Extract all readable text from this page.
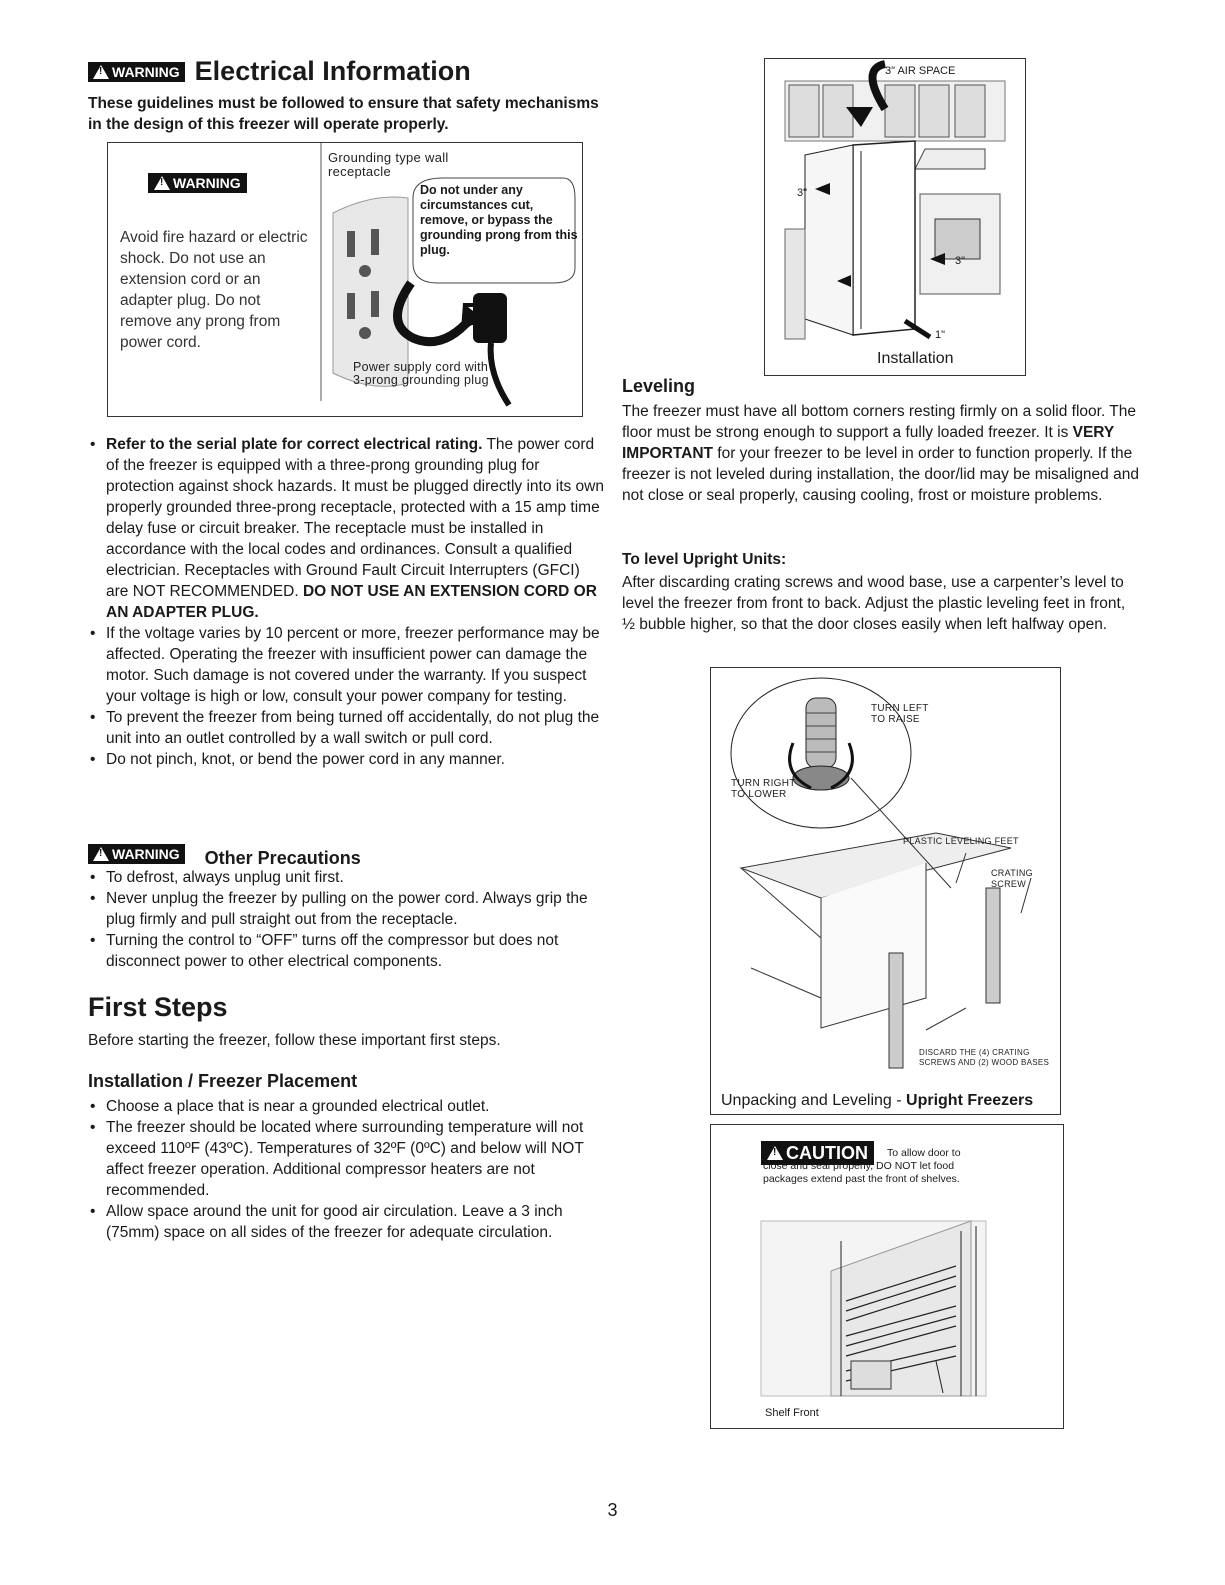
!
WARNING Electrical Information
These guidelines must be followed to ensure that safety mechanisms in the design of this freezer will operate properly.
!
WARNING
Avoid fire hazard or electric shock. Do not use an extension cord or an adapter plug. Do not remove any prong from power cord.
Grounding type wall receptacle
Do not under any circumstances cut, remove, or bypass the grounding prong from this plug.
Power supply cord with 3-prong grounding plug
• Refer to the serial plate for correct electrical rating. The power cord of the freezer is equipped with a three-prong grounding plug for protection against shock hazards. It must be plugged directly into its own properly grounded three-prong receptacle, protected with a 15 amp time delay fuse or circuit breaker. The receptacle must be installed in accordance with the local codes and ordinances. Consult a qualified electrician. Receptacles with Ground Fault Circuit Interrupters (GFCI) are NOT RECOMMENDED. DO NOT USE AN EXTENSION CORD OR AN ADAPTER PLUG.
• If the voltage varies by 10 percent or more, freezer performance may be affected. Operating the freezer with insufficient power can damage the motor. Such damage is not covered under the warranty. If you suspect your voltage is high or low, consult your power company for testing.
• To prevent the freezer from being turned off accidentally, do not plug the unit into an outlet controlled by a wall switch or pull cord.
• Do not pinch, knot, or bend the power cord in any manner.
!
WARNING Other Precautions
• To defrost, always unplug unit first.
• Never unplug the freezer by pulling on the power cord. Always grip the plug firmly and pull straight out from the receptacle.
• Turning the control to “OFF” turns off the compressor but does not disconnect power to other electrical components.
First Steps
Before starting the freezer, follow these important first steps.
Installation / Freezer Placement
• Choose a place that is near a grounded electrical outlet.
• The freezer should be located where surrounding temperature will not exceed 110ºF (43ºC). Temperatures of 32ºF (0ºC) and below will NOT affect freezer operation. Additional compressor heaters are not recommended.
• Allow space around the unit for good air circulation. Leave a 3 inch (75mm) space on all sides of the freezer for adequate circulation.
3" AIR SPACE
3"
3"
1"
Installation
Leveling
The freezer must have all bottom corners resting firmly on a solid floor. The floor must be strong enough to support a fully loaded freezer. It is VERY IMPORTANT for your freezer to be level in order to function properly. If the freezer is not leveled during installation, the door/lid may be misaligned and not close or seal properly, causing cooling, frost or moisture problems.
To level Upright Units:
After discarding crating screws and wood base, use a carpenter’s level to level the freezer from front to back. Adjust the plastic leveling feet in front, ½ bubble higher, so that the door closes easily when left halfway open.
TURN LEFT TO RAISE
TURN RIGHT TO LOWER
PLASTIC LEVELING FEET
CRATING SCREW
DISCARD THE (4) CRATING SCREWS AND (2) WOOD BASES
Unpacking and Leveling - Upright Freezers
!
CAUTION	To allow door to close and seal properly, DO NOT let food packages extend past the front of shelves.
Shelf Front
3
